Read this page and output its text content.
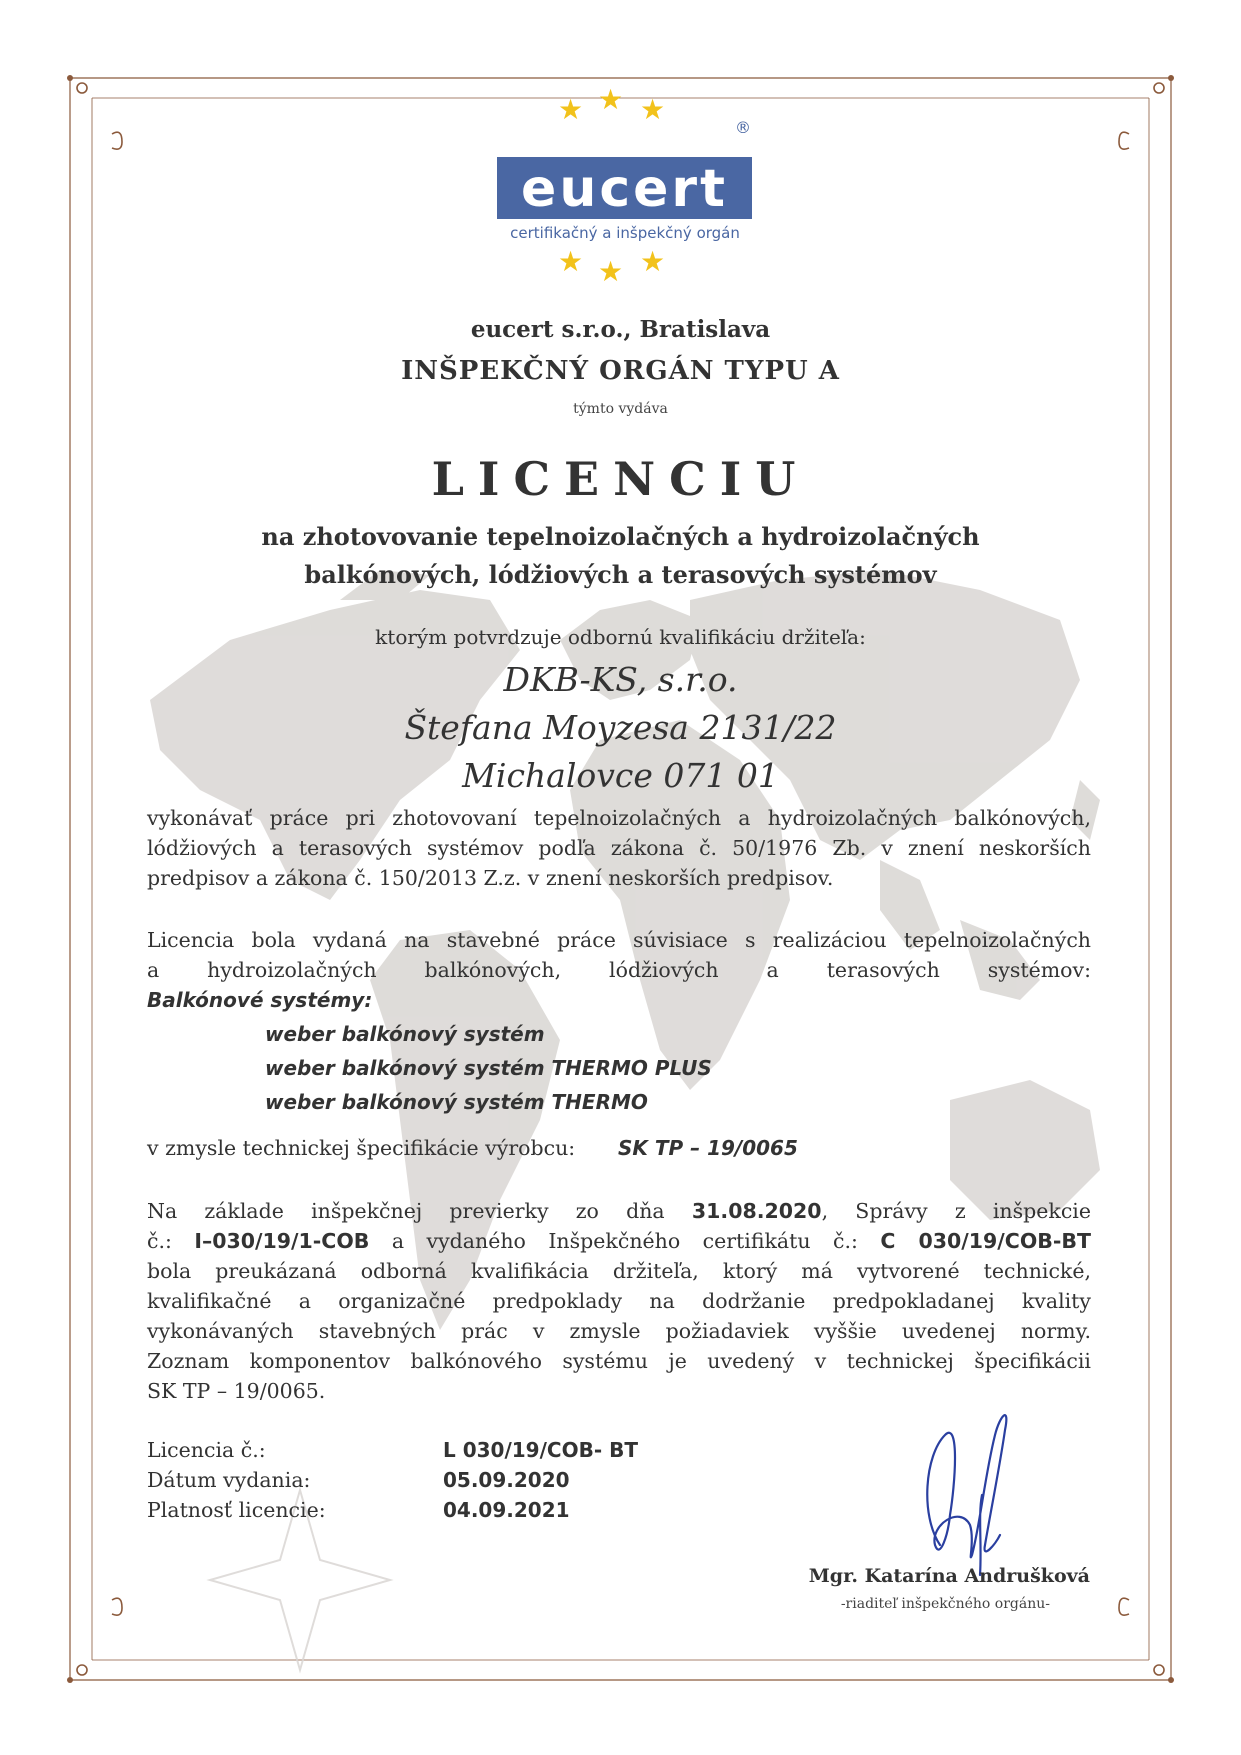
★ ★ ★
®
eucert
certifikačný a inšpekčný orgán
★ ★ ★
eucert s.r.o., Bratislava
INŠPEKČNÝ ORGÁN TYPU A
týmto vydáva
LICENCIU
na zhotovovanie tepelnoizolačných a hydroizolačných
balkónových, lódžiových a terasových systémov
ktorým potvrdzuje odbornú kvalifikáciu držiteľa:
DKB-KS, s.r.o.
Štefana Moyzesa 2131/22
Michalovce 071 01
vykonávať práce pri zhotovovaní tepelnoizolačných a hydroizolačných balkónových,
lódžiových a terasových systémov podľa zákona č. 50/1976 Zb. v znení neskorších
predpisov a zákona č. 150/2013 Z.z. v znení neskorších predpisov.
Licencia bola vydaná na stavebné práce súvisiace s realizáciou tepelnoizolačných
a hydroizolačných balkónových, lódžiových a terasových systémov:
Balkónové systémy:
weber balkónový systém
weber balkónový systém THERMO PLUS
weber balkónový systém THERMO
v zmysle technickej špecifikácie výrobcu: SK TP – 19/0065
Na základe inšpekčnej previerky zo dňa 31.08.2020, Správy z inšpekcie
č.: I–030/19/1-COB a vydaného Inšpekčného certifikátu č.: C 030/19/COB-BT
bola preukázaná odborná kvalifikácia držiteľa, ktorý má vytvorené technické,
kvalifikačné a organizačné predpoklady na dodržanie predpokladanej kvality
vykonávaných stavebných prác v zmysle požiadaviek vyššie uvedenej normy.
Zoznam komponentov balkónového systému je uvedený v technickej špecifikácii
SK TP – 19/0065.
Licencia č.:	L 030/19/COB- BT
Dátum vydania:	05.09.2020
Platnosť licencie:	04.09.2021
Mgr. Katarína Andrušková
-riaditeľ inšpekčného orgánu-
